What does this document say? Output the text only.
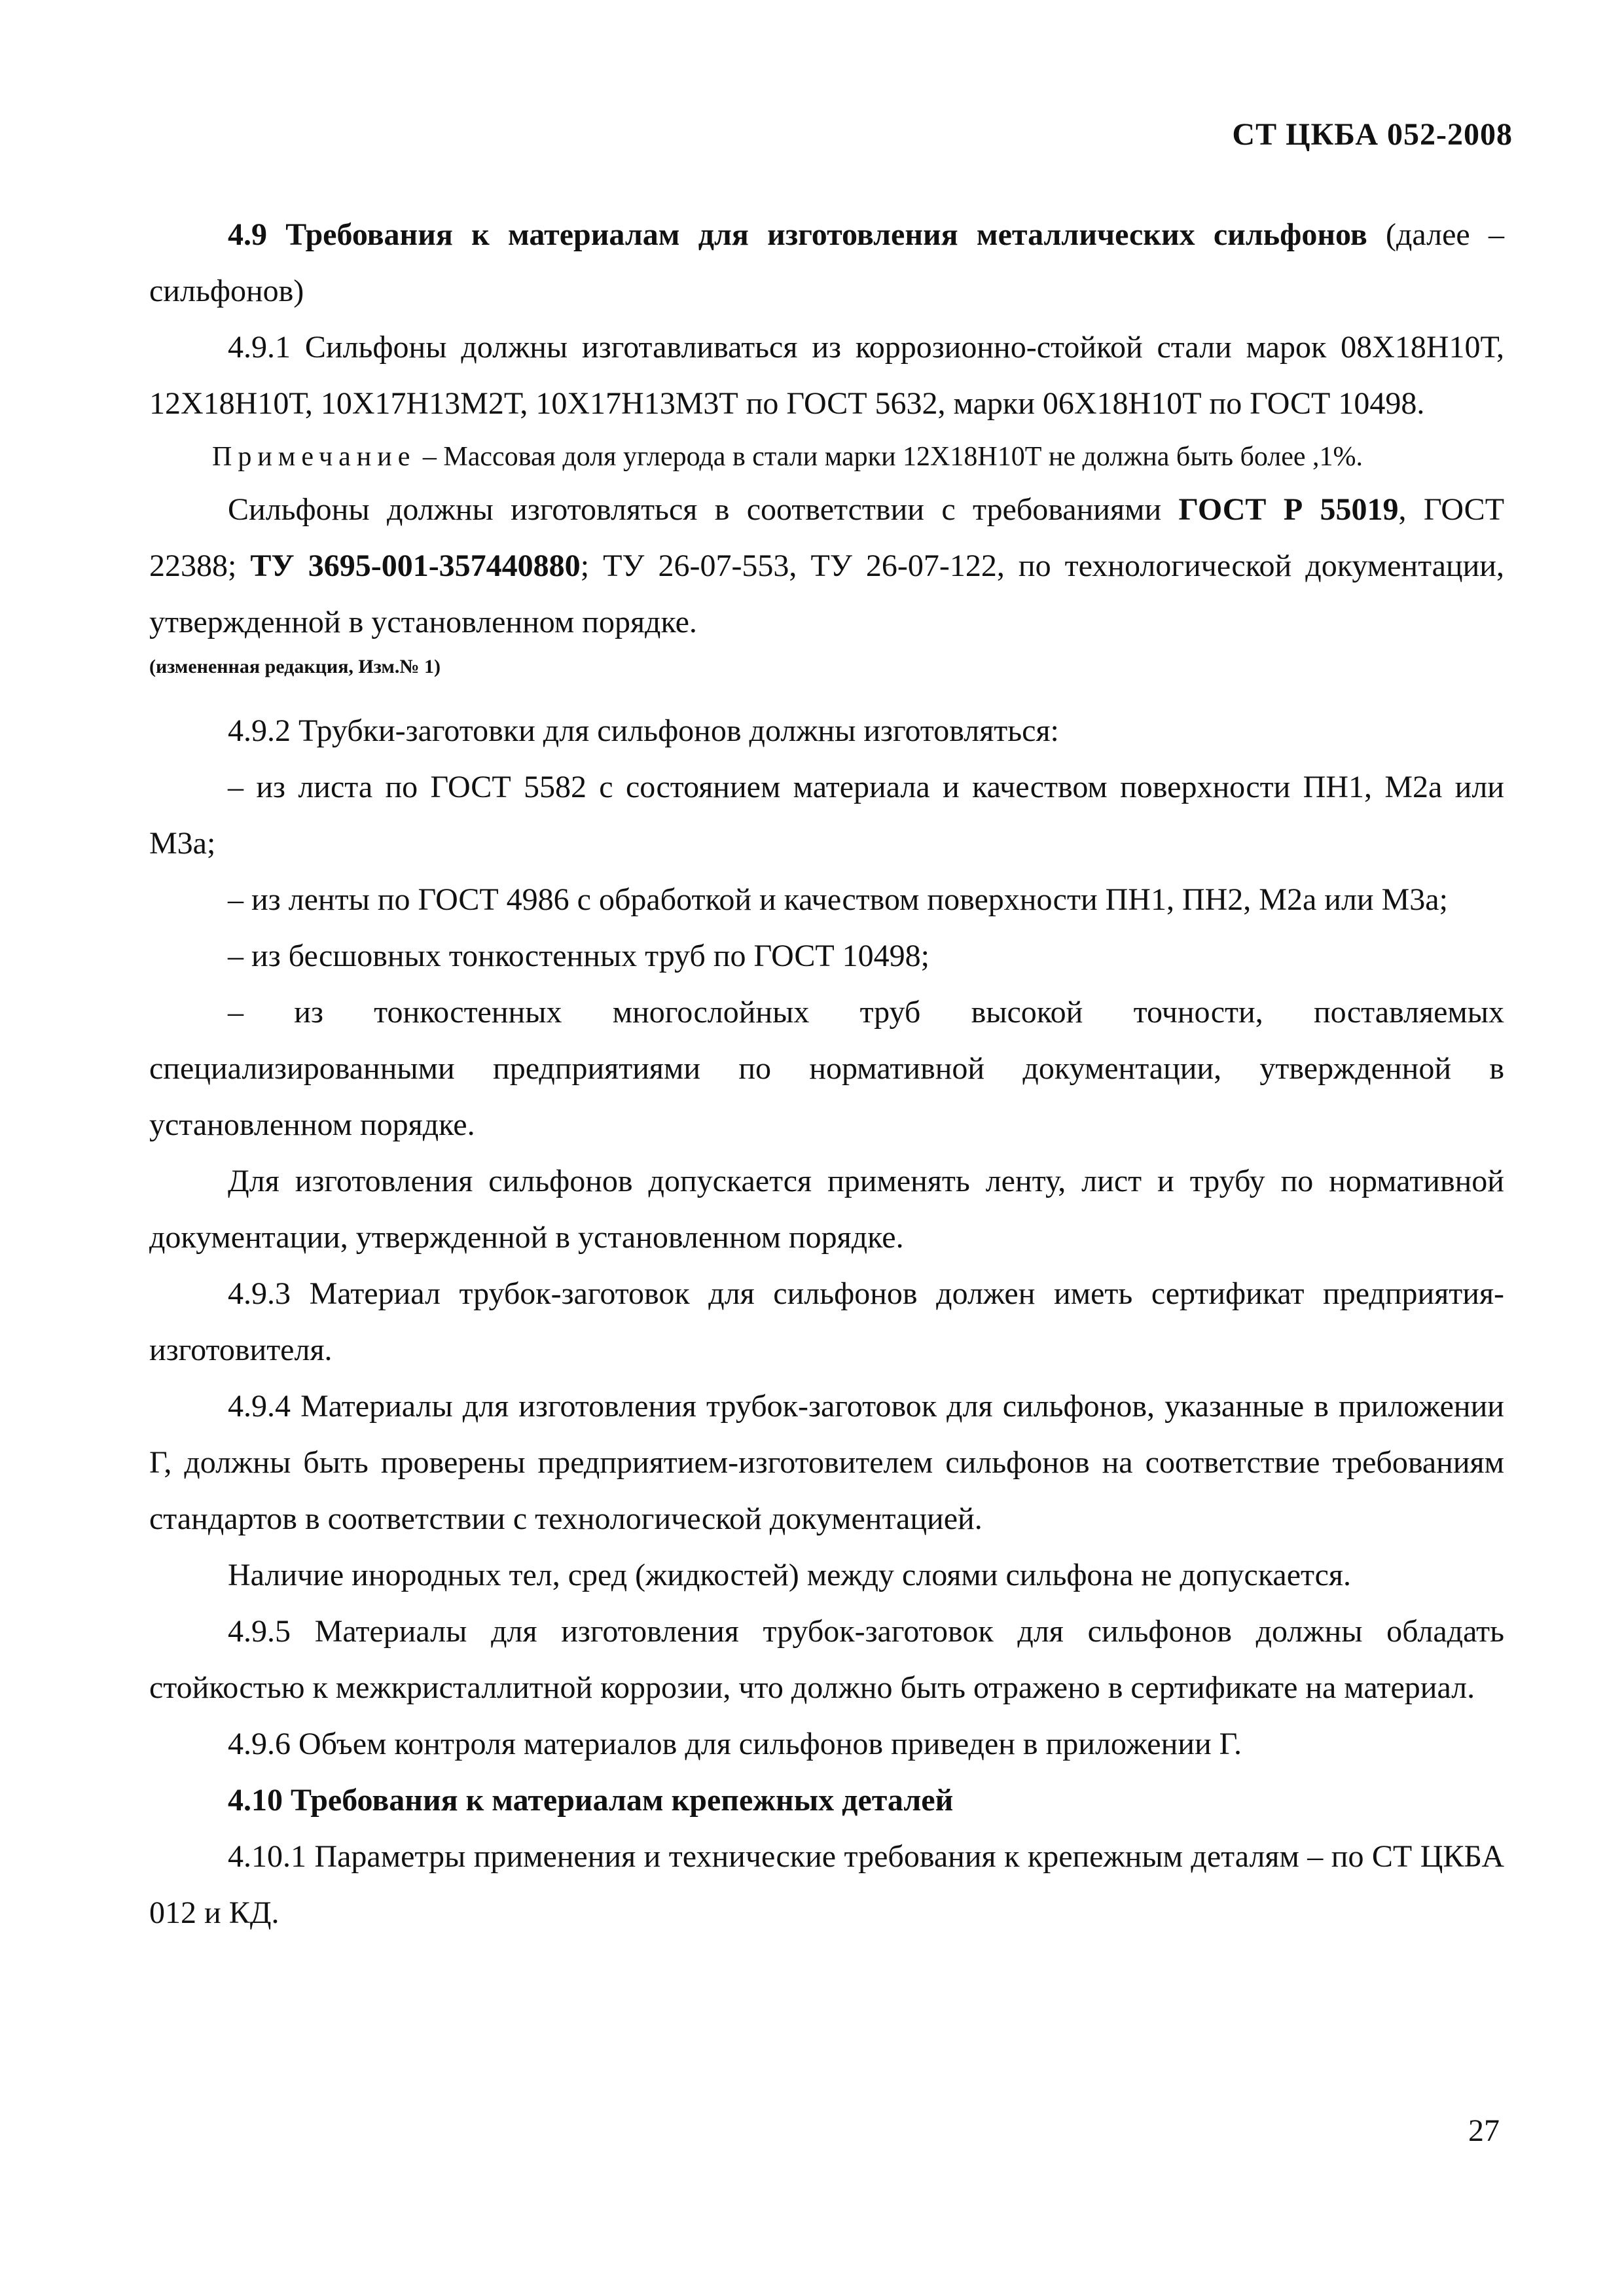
СТ ЦКБА 052-2008

4.9 Требования к материалам для изготовления металлических сильфонов (далее – сильфонов)

4.9.1 Сильфоны должны изготавливаться из коррозионно-стойкой стали марок 08Х18Н10Т, 12Х18Н10Т, 10Х17Н13М2Т, 10Х17Н13М3Т по ГОСТ 5632, марки 06Х18Н10Т по ГОСТ 10498.

Примечание – Массовая доля углерода в стали марки 12Х18Н10Т не должна быть более ,1%.

Сильфоны должны изготовляться в соответствии с требованиями ГОСТ Р 55019, ГОСТ 22388; ТУ 3695-001-357440880; ТУ 26-07-553, ТУ 26-07-122, по технологической документации, утвержденной в установленном порядке.

(измененная редакция, Изм.№ 1)

4.9.2 Трубки-заготовки для сильфонов должны изготовляться:

– из листа по ГОСТ 5582 с состоянием материала и качеством поверхности ПН1, М2а или М3а;

– из ленты по ГОСТ 4986 с обработкой и качеством поверхности ПН1, ПН2, М2а или М3а;

– из бесшовных тонкостенных труб по ГОСТ 10498;

– из тонкостенных многослойных труб высокой точности, поставляемых специализированными предприятиями по нормативной документации, утвержденной в установленном порядке.

Для изготовления сильфонов допускается применять ленту, лист и трубу по нормативной документации, утвержденной в установленном порядке.

4.9.3 Материал трубок-заготовок для сильфонов должен иметь сертификат предприятия-изготовителя.

4.9.4 Материалы для изготовления трубок-заготовок для сильфонов, указанные в приложении Г, должны быть проверены предприятием-изготовителем сильфонов на соответствие требованиям стандартов в соответствии с технологической документацией.

Наличие инородных тел, сред (жидкостей) между слоями сильфона не допускается.

4.9.5 Материалы для изготовления трубок-заготовок для сильфонов должны обладать стойкостью к межкристаллитной коррозии, что должно быть отражено в сертификате на материал.

4.9.6 Объем контроля материалов для сильфонов приведен в приложении Г.

4.10 Требования к материалам крепежных деталей

4.10.1 Параметры применения и технические требования к крепежным деталям – по СТ ЦКБА 012 и КД.

27
